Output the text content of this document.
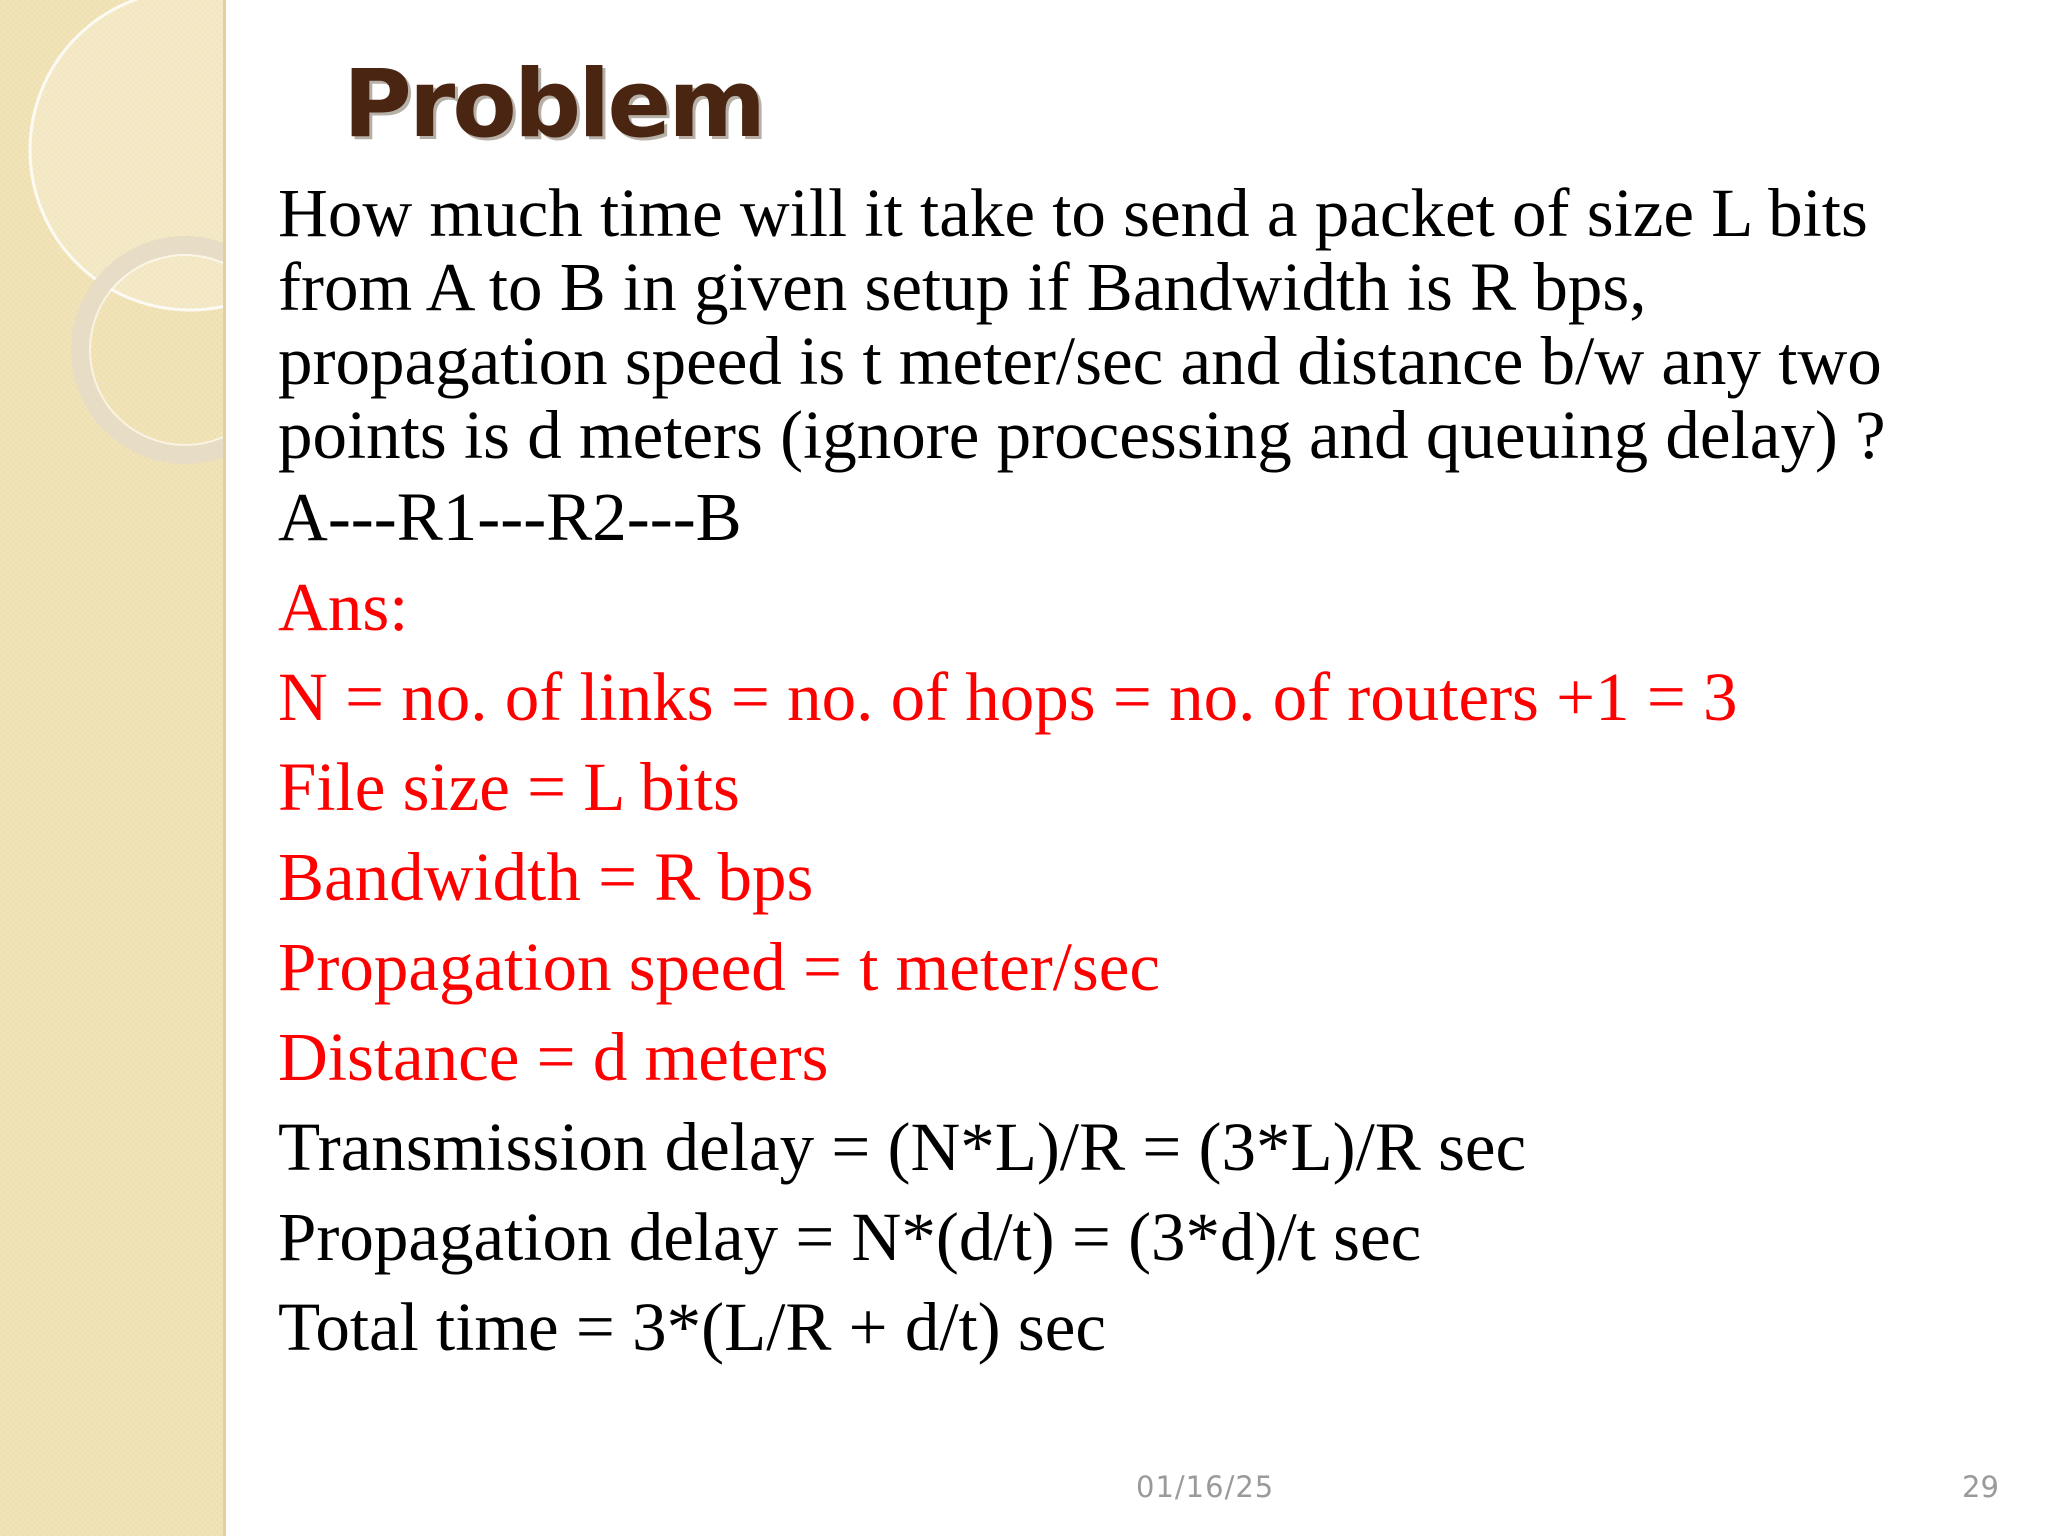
Problem

How much time will it take to send a packet of size L bits from A to B in given setup if Bandwidth is R bps, propagation speed is t meter/sec and distance b/w any two points is d meters (ignore processing and queuing delay) ?

A---R1---R2---B

Ans:

N = no. of links = no. of hops = no. of routers +1 = 3

File size = L bits

Bandwidth = R bps

Propagation speed = t meter/sec

Distance = d meters

Transmission delay = (N*L)/R = (3*L)/R sec

Propagation delay = N*(d/t) = (3*d)/t sec

Total time = 3*(L/R + d/t) sec

01/16/25	29
